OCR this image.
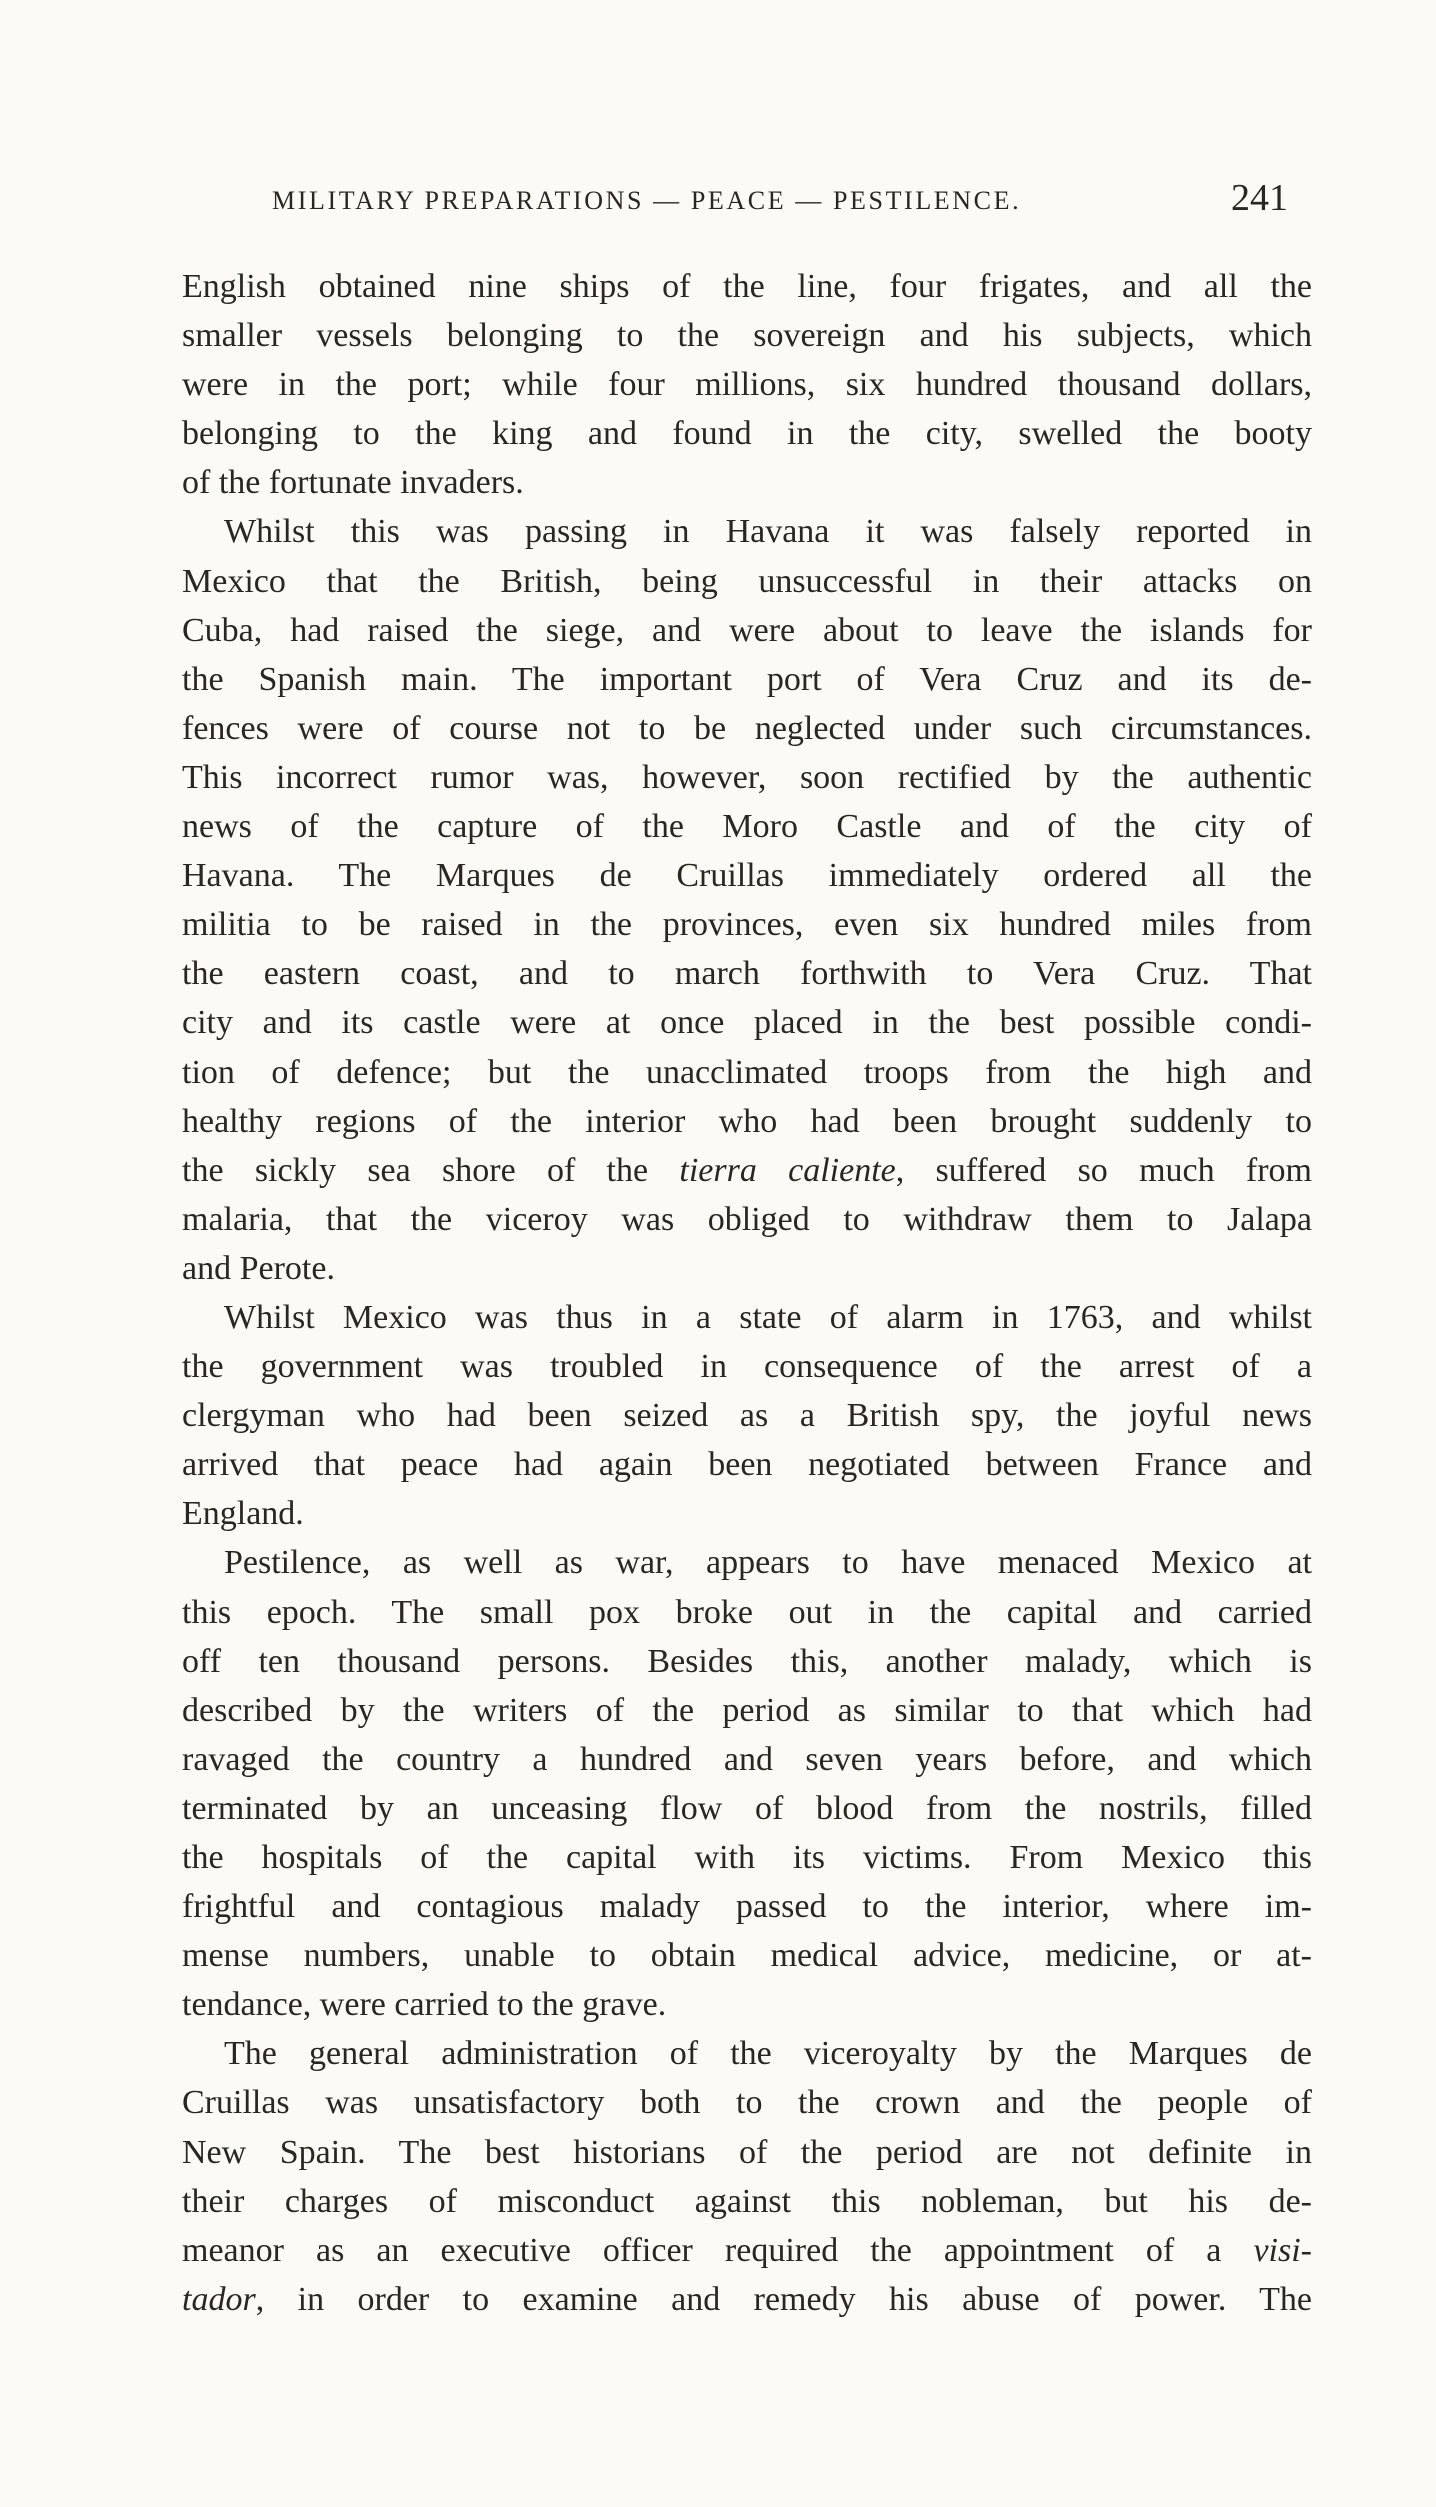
MILITARY PREPARATIONS — PEACE — PESTILENCE.	241
English obtained nine ships of the line, four frigates, and all the
smaller vessels belonging to the sovereign and his subjects, which
were in the port; while four millions, six hundred thousand dollars,
belonging to the king and found in the city, swelled the booty
of the fortunate invaders.
Whilst this was passing in Havana it was falsely reported in
Mexico that the British, being unsuccessful in their attacks on
Cuba, had raised the siege, and were about to leave the islands for
the Spanish main. The important port of Vera Cruz and its de-
fences were of course not to be neglected under such circumstances.
This incorrect rumor was, however, soon rectified by the authentic
news of the capture of the Moro Castle and of the city of
Havana. The Marques de Cruillas immediately ordered all the
militia to be raised in the provinces, even six hundred miles from
the eastern coast, and to march forthwith to Vera Cruz. That
city and its castle were at once placed in the best possible condi-
tion of defence; but the unacclimated troops from the high and
healthy regions of the interior who had been brought suddenly to
the sickly sea shore of the tierra caliente, suffered so much from
malaria, that the viceroy was obliged to withdraw them to Jalapa
and Perote.
Whilst Mexico was thus in a state of alarm in 1763, and whilst
the government was troubled in consequence of the arrest of a
clergyman who had been seized as a British spy, the joyful news
arrived that peace had again been negotiated between France and
England.
Pestilence, as well as war, appears to have menaced Mexico at
this epoch. The small pox broke out in the capital and carried
off ten thousand persons. Besides this, another malady, which is
described by the writers of the period as similar to that which had
ravaged the country a hundred and seven years before, and which
terminated by an unceasing flow of blood from the nostrils, filled
the hospitals of the capital with its victims. From Mexico this
frightful and contagious malady passed to the interior, where im-
mense numbers, unable to obtain medical advice, medicine, or at-
tendance, were carried to the grave.
The general administration of the viceroyalty by the Marques de
Cruillas was unsatisfactory both to the crown and the people of
New Spain. The best historians of the period are not definite in
their charges of misconduct against this nobleman, but his de-
meanor as an executive officer required the appointment of a visi-
tador, in order to examine and remedy his abuse of power. The
